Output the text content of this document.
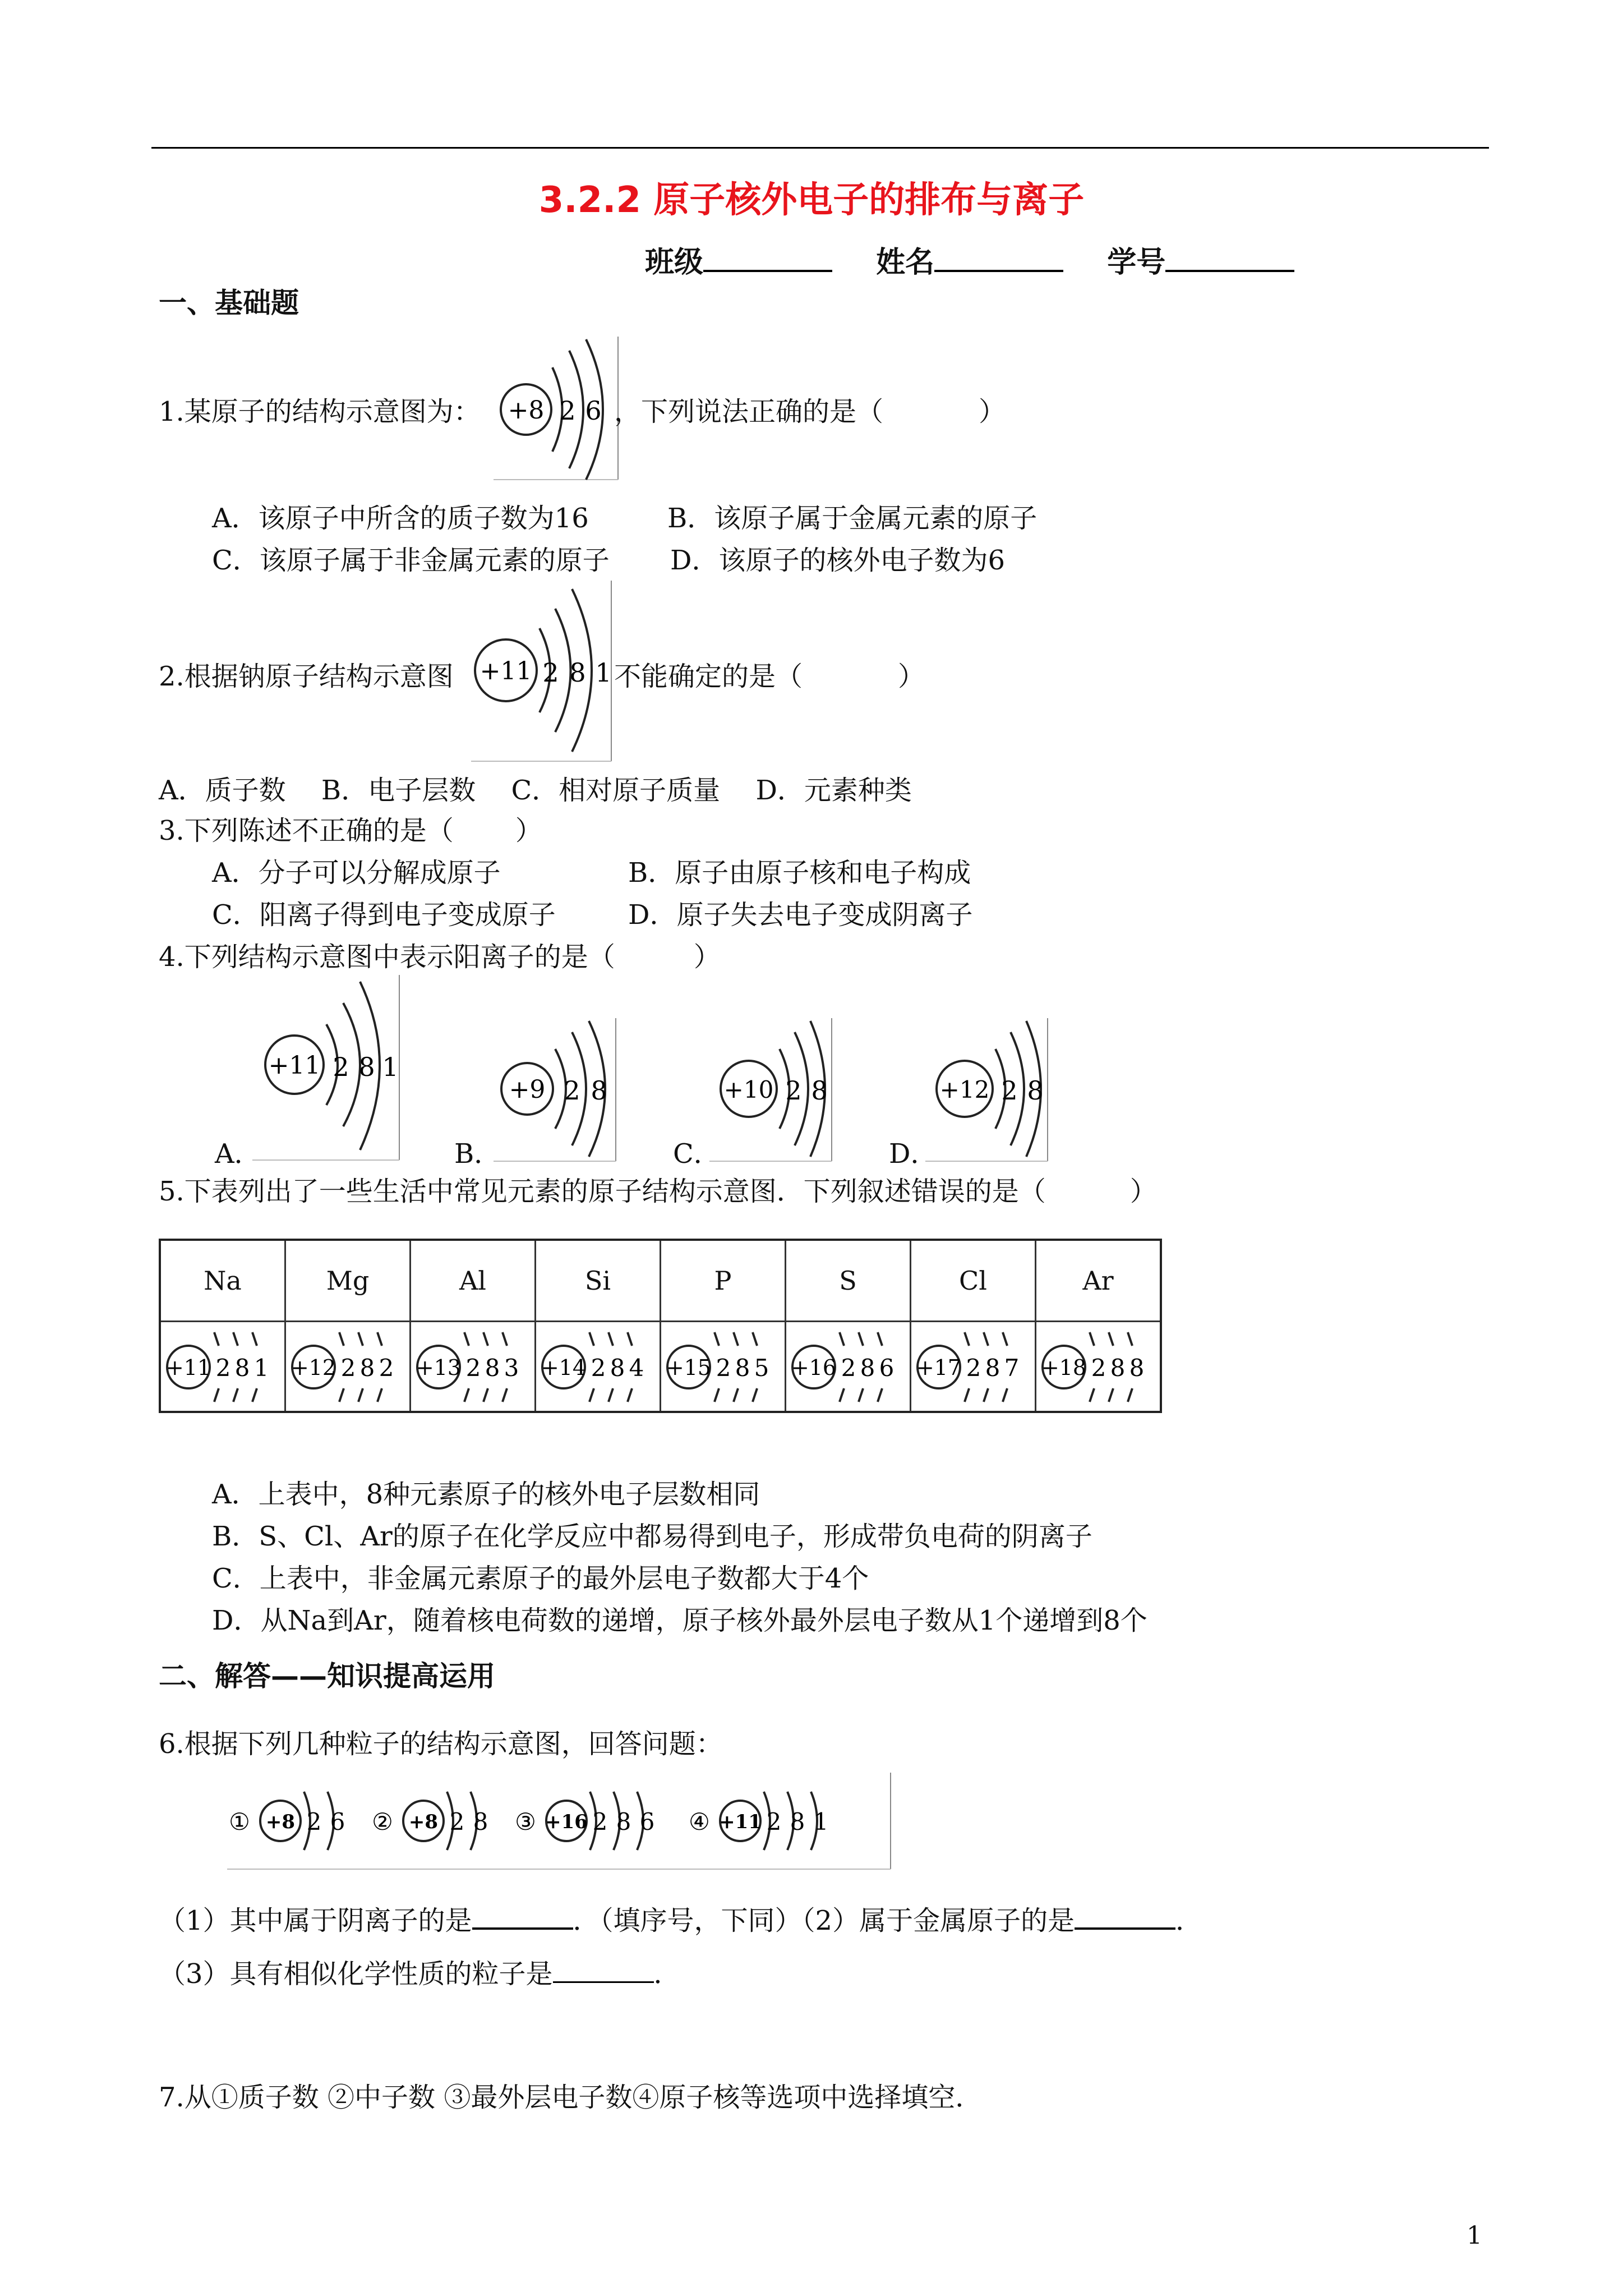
3.2.2 原子核外电子的排布与离子
班级	姓名	学号
一、基础题
1.某原子的结构示意图为： +8 2 6 ，下列说法正确的是（	）
A．该原子中所含的质子数为16	B．该原子属于金属元素的原子
C．该原子属于非金属元素的原子 D．该原子的核外电子数为6
2.根据钠原子结构示意图 +11 2 8 1 不能确定的是（	）
A．质子数　 B．电子层数　 C．相对原子质量　 D．元素种类
3.下列陈述不正确的是（ ）
A．分子可以分解成原子	B．原子由原子核和电子构成
C．阳离子得到电子变成原子	D．原子失去电子变成阴离子
4.下列结构示意图中表示阳离子的是（	）
A．
+11 2 8 1
B．
+9 2 8
C．
+10 2 8
D．
+12 2 8
5.下表列出了一些生活中常见元素的原子结构示意图．下列叙述错误的是（	）
Na	Mg	Al	Si	P	S	Cl	Ar

+11 2 8 1	+12 2 8 2	+13 2 8 3	+14 2 8 4	+15 2 8 5	+16 2 8 6	+17 2 8 7	+18 2 8 8
A．上表中，8种元素原子的核外电子层数相同
B．S、Cl、Ar的原子在化学反应中都易得到电子，形成带负电荷的阴离子
C．上表中，非金属元素原子的最外层电子数都大于4个
D．从Na到Ar，随着核电荷数的递增，原子核外最外层电子数从1个递增到8个
二、解答——知识提高运用
6.根据下列几种粒子的结构示意图，回答问题：
① +8 2 6 ② +8 2 8 ③ +16 2 8 6 ④ +11 2 8 1
（1）其中属于阴离子的是	．（填序号，下同）（2）属于金属原子的是	．
（3）具有相似化学性质的粒子是	．
7.从①质子数 ②中子数 ③最外层电子数④原子核等选项中选择填空．
1
